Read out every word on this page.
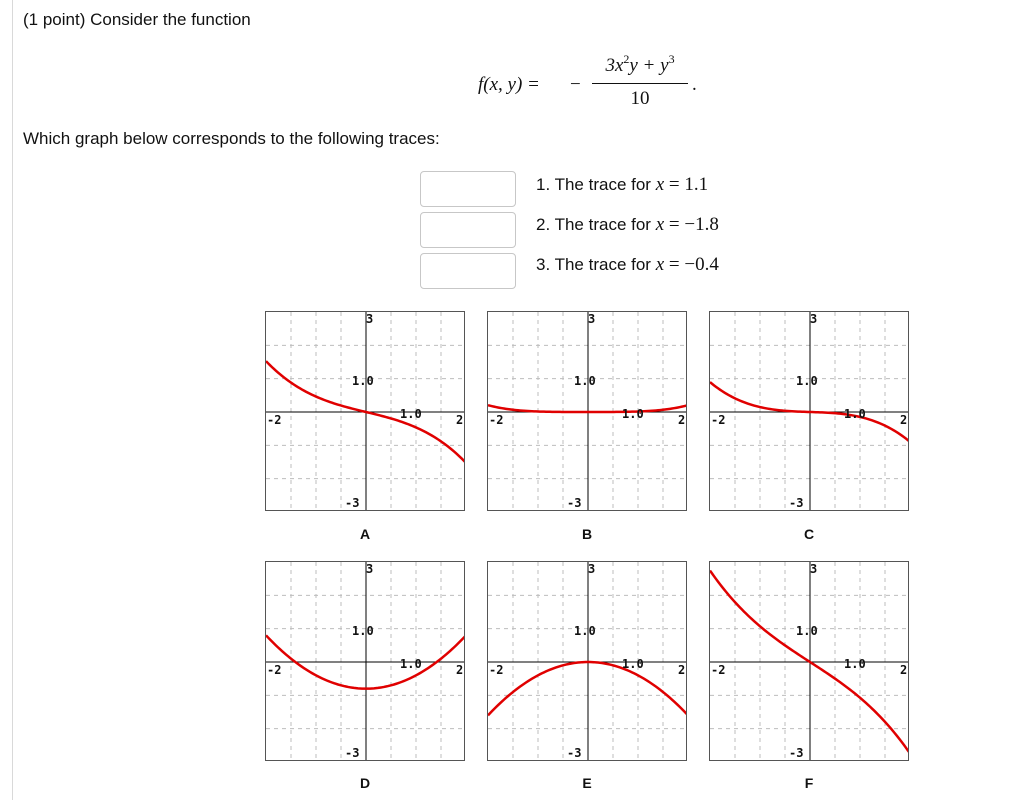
(1 point) Consider the function
f(x, y) = −
$3x^2y + y^3$
10
.
Which graph below corresponds to the following traces:
1. The trace for x = 1.1
2. The trace for x = −1.8
3. The trace for x = −0.4
3
1.0
-2	1.0	2
-3
A
3
1.0
-2	1.0	2
-3
B
3
1.0
-2	1.0	2
-3
C
3
1.0
-2	1.0	2
-3
D
3
1.0
-2	1.0	2
-3
E
3
1.0
-2	1.0	2
-3
F
